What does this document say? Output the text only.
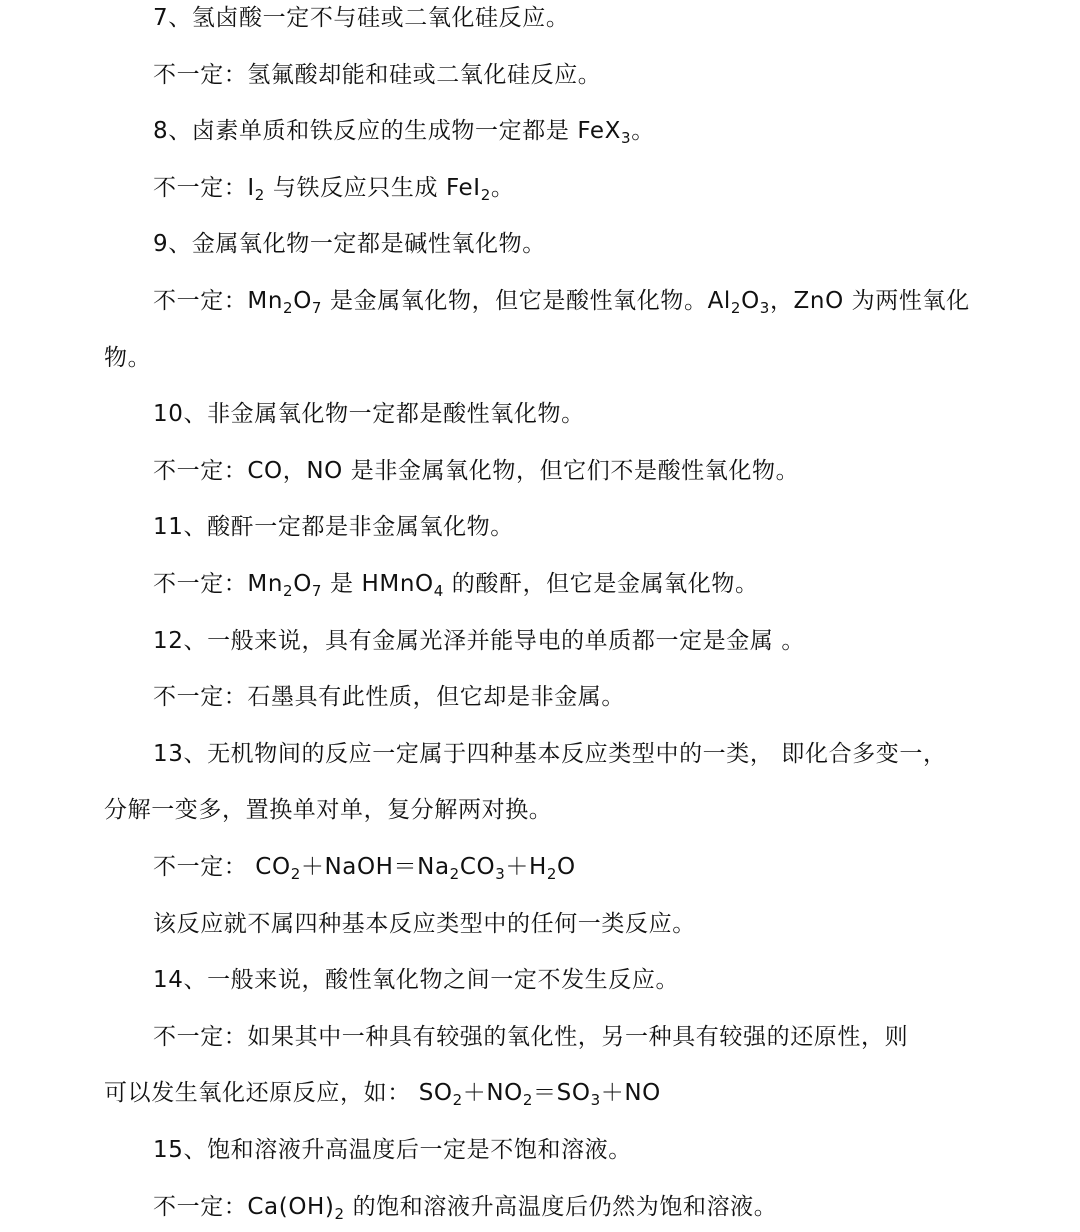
7、氢卤酸一定不与硅或二氧化硅反应。
不一定：氢氟酸却能和硅或二氧化硅反应。
8、卤素单质和铁反应的生成物一定都是 FeX$_3$。
不一定：$I_2$ 与铁反应只生成 FeI$_2$。
9、金属氧化物一定都是碱性氧化物。
不一定：$Mn_2O_7$ 是金属氧化物，但它是酸性氧化物。$Al_2O_3$，ZnO 为两性氧化
物。
10、非金属氧化物一定都是酸性氧化物。
不一定：CO，NO 是非金属氧化物，但它们不是酸性氧化物。
11、酸酐一定都是非金属氧化物。
不一定：$Mn_2O_7$ 是 HMnO$_4$ 的酸酐，但它是金属氧化物。
12、一般来说，具有金属光泽并能导电的单质都一定是金属 。
不一定：石墨具有此性质，但它却是非金属。
13、无机物间的反应一定属于四种基本反应类型中的一类， 即化合多变一，
分解一变多，置换单对单，复分解两对换。
不一定： $CO_2+NaOH=Na_2CO_3+H_2O$
该反应就不属四种基本反应类型中的任何一类反应。
14、一般来说，酸性氧化物之间一定不发生反应。
不一定：如果其中一种具有较强的氧化性，另一种具有较强的还原性，则
可以发生氧化还原反应，如： $SO_2+NO_2=SO_3+NO$
15、饱和溶液升高温度后一定是不饱和溶液。
不一定：$Ca(OH)_2$ 的饱和溶液升高温度后仍然为饱和溶液。
